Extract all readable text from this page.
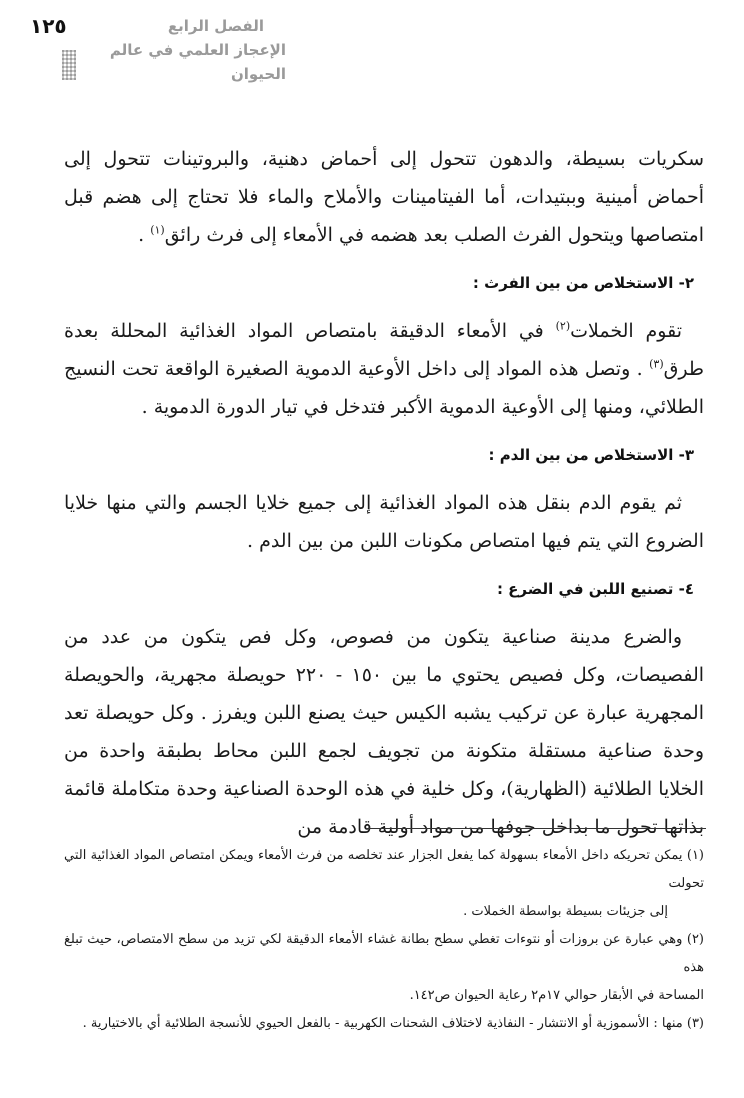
١٢٥	الفصل الرابع
الإعجاز العلمي في عالم الحيوان

سكريات بسيطة، والدهون تتحول إلى أحماض دهنية، والبروتينات تتحول إلى أحماض أمينية وببتيدات، أما الفيتامينات والأملاح والماء فلا تحتاج إلى هضم قبل امتصاصها ويتحول الفرث الصلب بعد هضمه في الأمعاء إلى فرث رائق$^{(١)}$ .

٢- الاستخلاص من بين الفرث :

تقوم الخملات$^{(٢)}$ في الأمعاء الدقيقة بامتصاص المواد الغذائية المحللة بعدة طرق$^{(٣)}$ . وتصل هذه المواد إلى داخل الأوعية الدموية الصغيرة الواقعة تحت النسيج الطلائي، ومنها إلى الأوعية الدموية الأكبر فتدخل في تيار الدورة الدموية .

٣- الاستخلاص من بين الدم :

ثم يقوم الدم بنقل هذه المواد الغذائية إلى جميع خلايا الجسم والتي منها خلايا الضروع التي يتم فيها امتصاص مكونات اللبن من بين الدم .

٤- تصنيع اللبن في الضرع :

والضرع مدينة صناعية يتكون من فصوص، وكل فص يتكون من عدد من الفصيصات، وكل فصيص يحتوي ما بين ١٥٠ - ٢٢٠ حويصلة مجهرية، والحويصلة المجهرية عبارة عن تركيب يشبه الكيس حيث يصنع اللبن ويفرز . وكل حويصلة تعد وحدة صناعية مستقلة متكونة من تجويف لجمع اللبن محاط بطبقة واحدة من الخلايا الطلائية (الظهارية)، وكل خلية في هذه الوحدة الصناعية وحدة متكاملة قائمة بذاتها تحول ما بداخل جوفها من مواد أولية قادمة من

(١) يمكن تحريكه داخل الأمعاء بسهولة كما يفعل الجزار عند تخلصه من فرث الأمعاء ويمكن امتصاص المواد الغذائية التي تحولت

إلى جزيئات بسيطة بواسطة الخملات .

(٢) وهي عبارة عن بروزات أو نتوءات تغطي سطح بطانة غشاء الأمعاء الدقيقة لكي تزيد من سطح الامتصاص، حيث تبلغ هذه

المساحة في الأبقار حوالي ١٧م٢ رعاية الحيوان ص١٤٢.

(٣) منها : الأسموزية أو الانتشار - النفاذية لاختلاف الشحنات الكهربية - بالفعل الحيوي للأنسجة الطلائية أي بالاختيارية .
